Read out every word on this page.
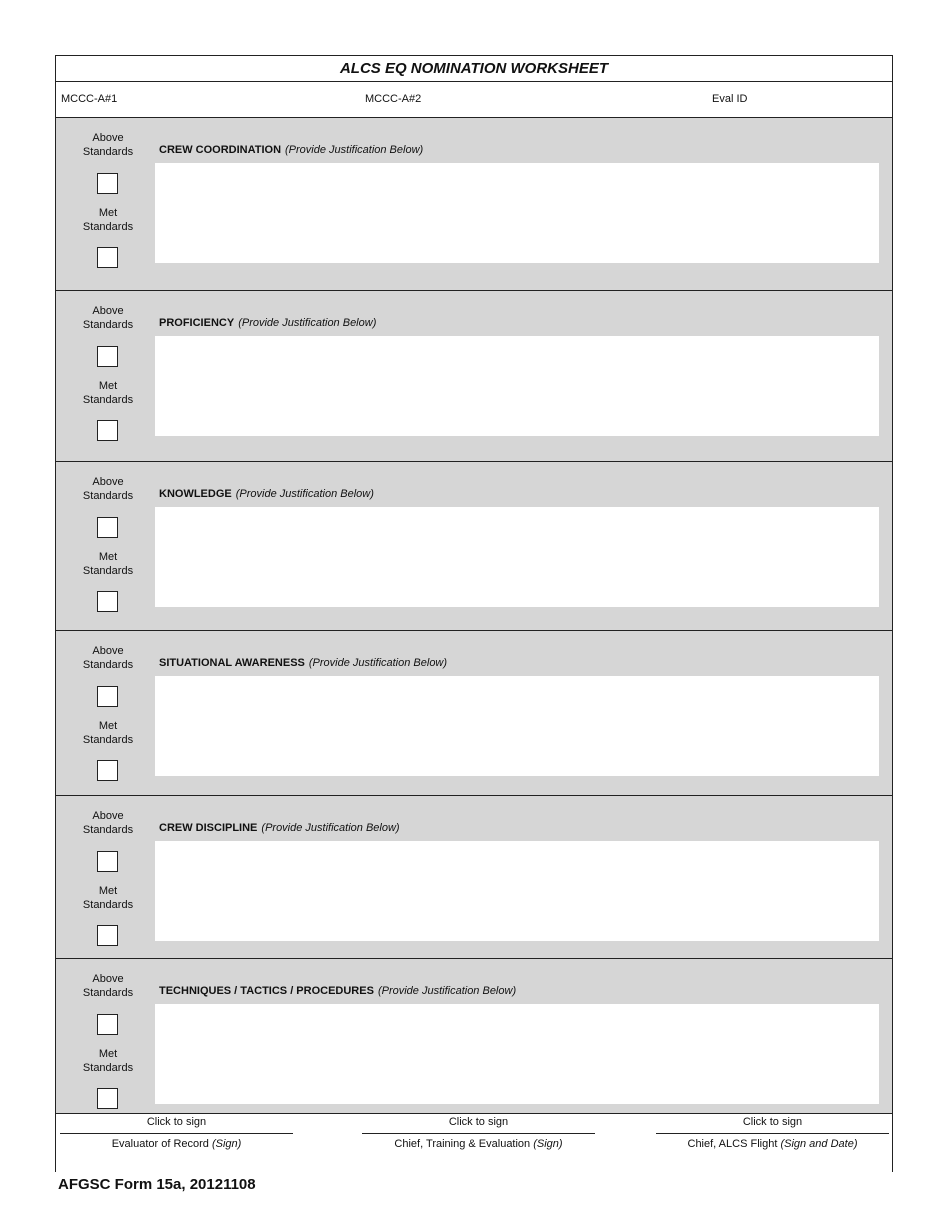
ALCS EQ NOMINATION WORKSHEET
MCCC-A#1	MCCC-A#2	Eval ID
Above
Standards
Met
Standards
CREW COORDINATION (Provide Justification Below)
Above
Standards
Met
Standards
PROFICIENCY (Provide Justification Below)
Above
Standards
Met
Standards
KNOWLEDGE (Provide Justification Below)
Above
Standards
Met
Standards
SITUATIONAL AWARENESS (Provide Justification Below)
Above
Standards
Met
Standards
CREW DISCIPLINE (Provide Justification Below)
Above
Standards
Met
Standards
TECHNIQUES / TACTICS / PROCEDURES (Provide Justification Below)
Click to sign
Evaluator of Record (Sign)
Click to sign
Chief, Training & Evaluation (Sign)
Click to sign
Chief, ALCS Flight (Sign and Date)
AFGSC Form 15a, 20121108
